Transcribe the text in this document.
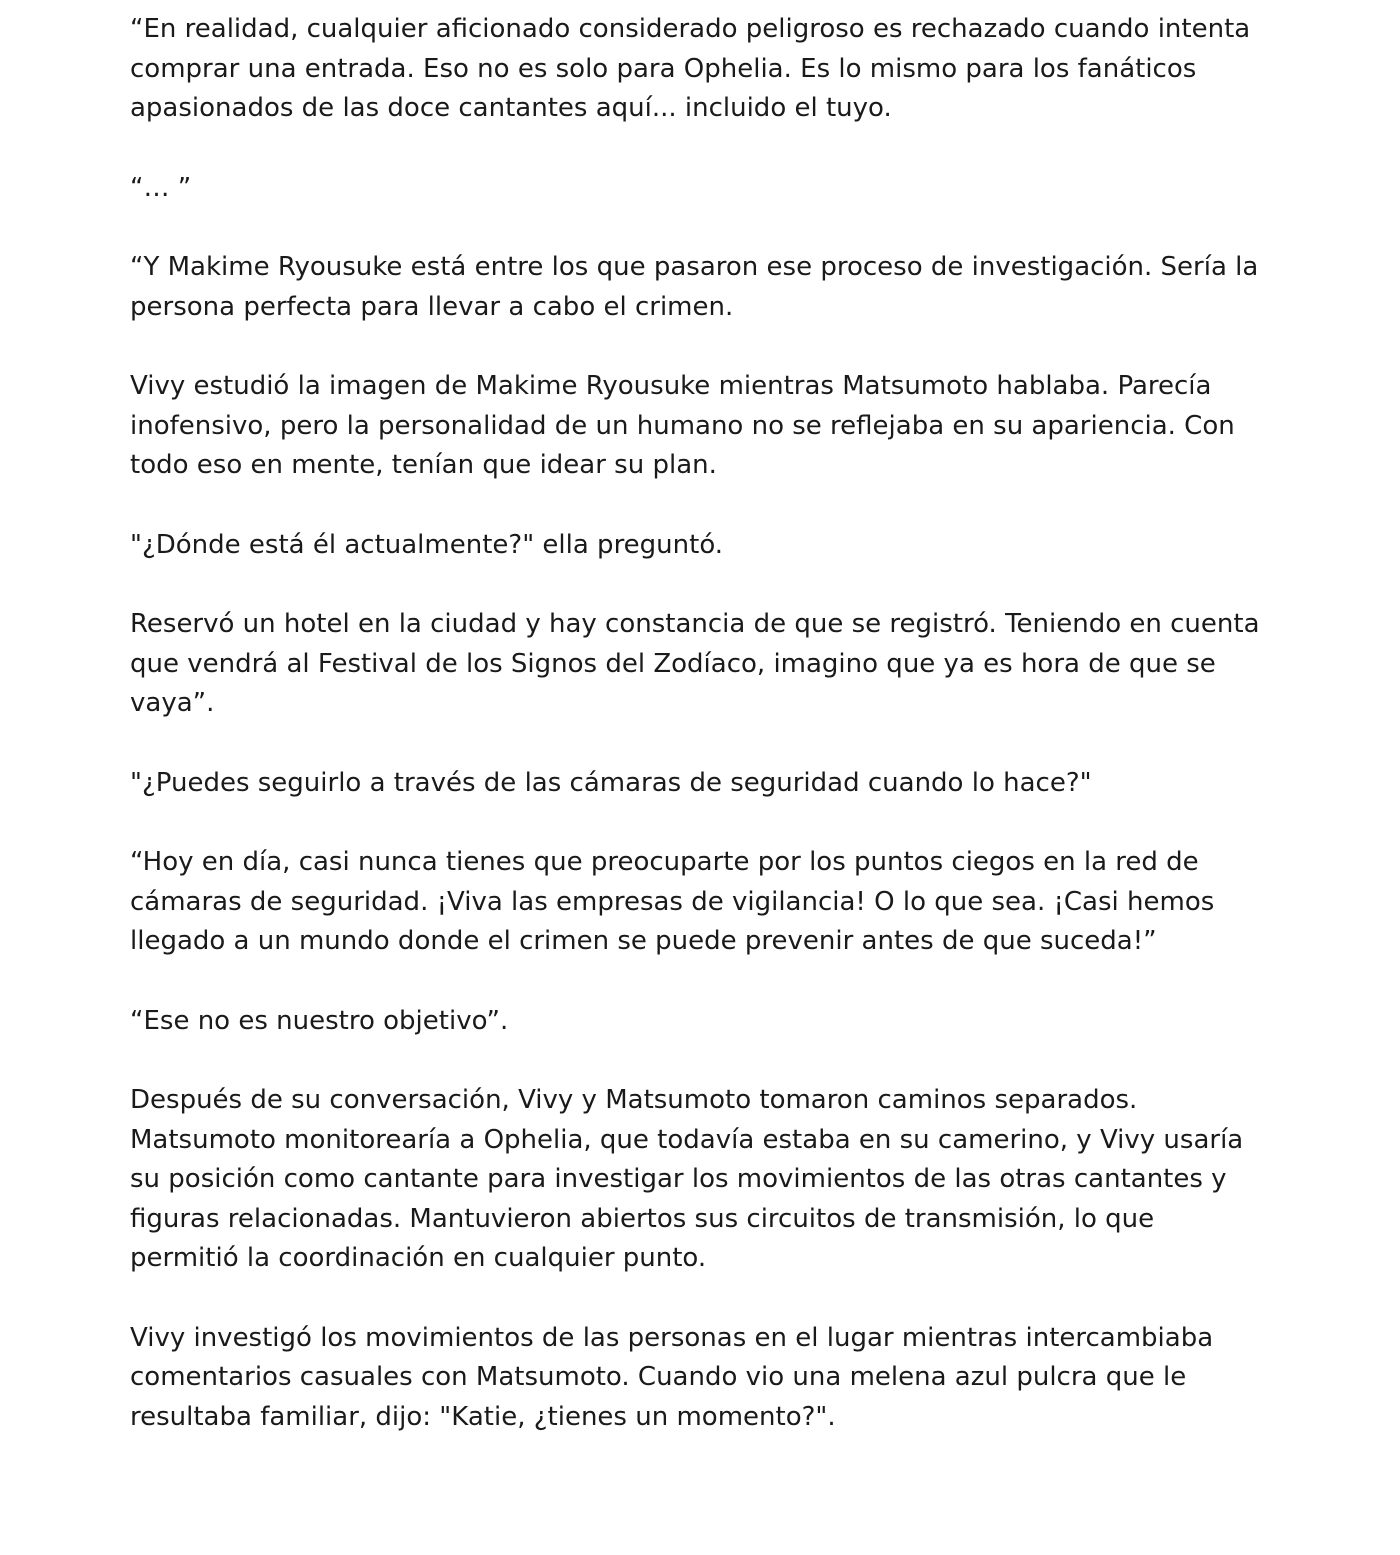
“En realidad, cualquier aficionado considerado peligroso es rechazado cuando intenta comprar una entrada. Eso no es solo para Ophelia. Es lo mismo para los fanáticos apasionados de las doce cantantes aquí... incluido el tuyo.

“… ”

“Y Makime Ryousuke está entre los que pasaron ese proceso de investigación. Sería la persona perfecta para llevar a cabo el crimen.

Vivy estudió la imagen de Makime Ryousuke mientras Matsumoto hablaba. Parecía inofensivo, pero la personalidad de un humano no se reflejaba en su apariencia. Con todo eso en mente, tenían que idear su plan.

"¿Dónde está él actualmente?" ella preguntó.

Reservó un hotel en la ciudad y hay constancia de que se registró. Teniendo en cuenta que vendrá al Festival de los Signos del Zodíaco, imagino que ya es hora de que se vaya”.

"¿Puedes seguirlo a través de las cámaras de seguridad cuando lo hace?"

“Hoy en día, casi nunca tienes que preocuparte por los puntos ciegos en la red de cámaras de seguridad. ¡Viva las empresas de vigilancia! O lo que sea. ¡Casi hemos llegado a un mundo donde el crimen se puede prevenir antes de que suceda!”

“Ese no es nuestro objetivo”.

Después de su conversación, Vivy y Matsumoto tomaron caminos separados. Matsumoto monitorearía a Ophelia, que todavía estaba en su camerino, y Vivy usaría su posición como cantante para investigar los movimientos de las otras cantantes y figuras relacionadas. Mantuvieron abiertos sus circuitos de transmisión, lo que permitió la coordinación en cualquier punto.

Vivy investigó los movimientos de las personas en el lugar mientras intercambiaba comentarios casuales con Matsumoto. Cuando vio una melena azul pulcra que le resultaba familiar, dijo: "Katie, ¿tienes un momento?".
